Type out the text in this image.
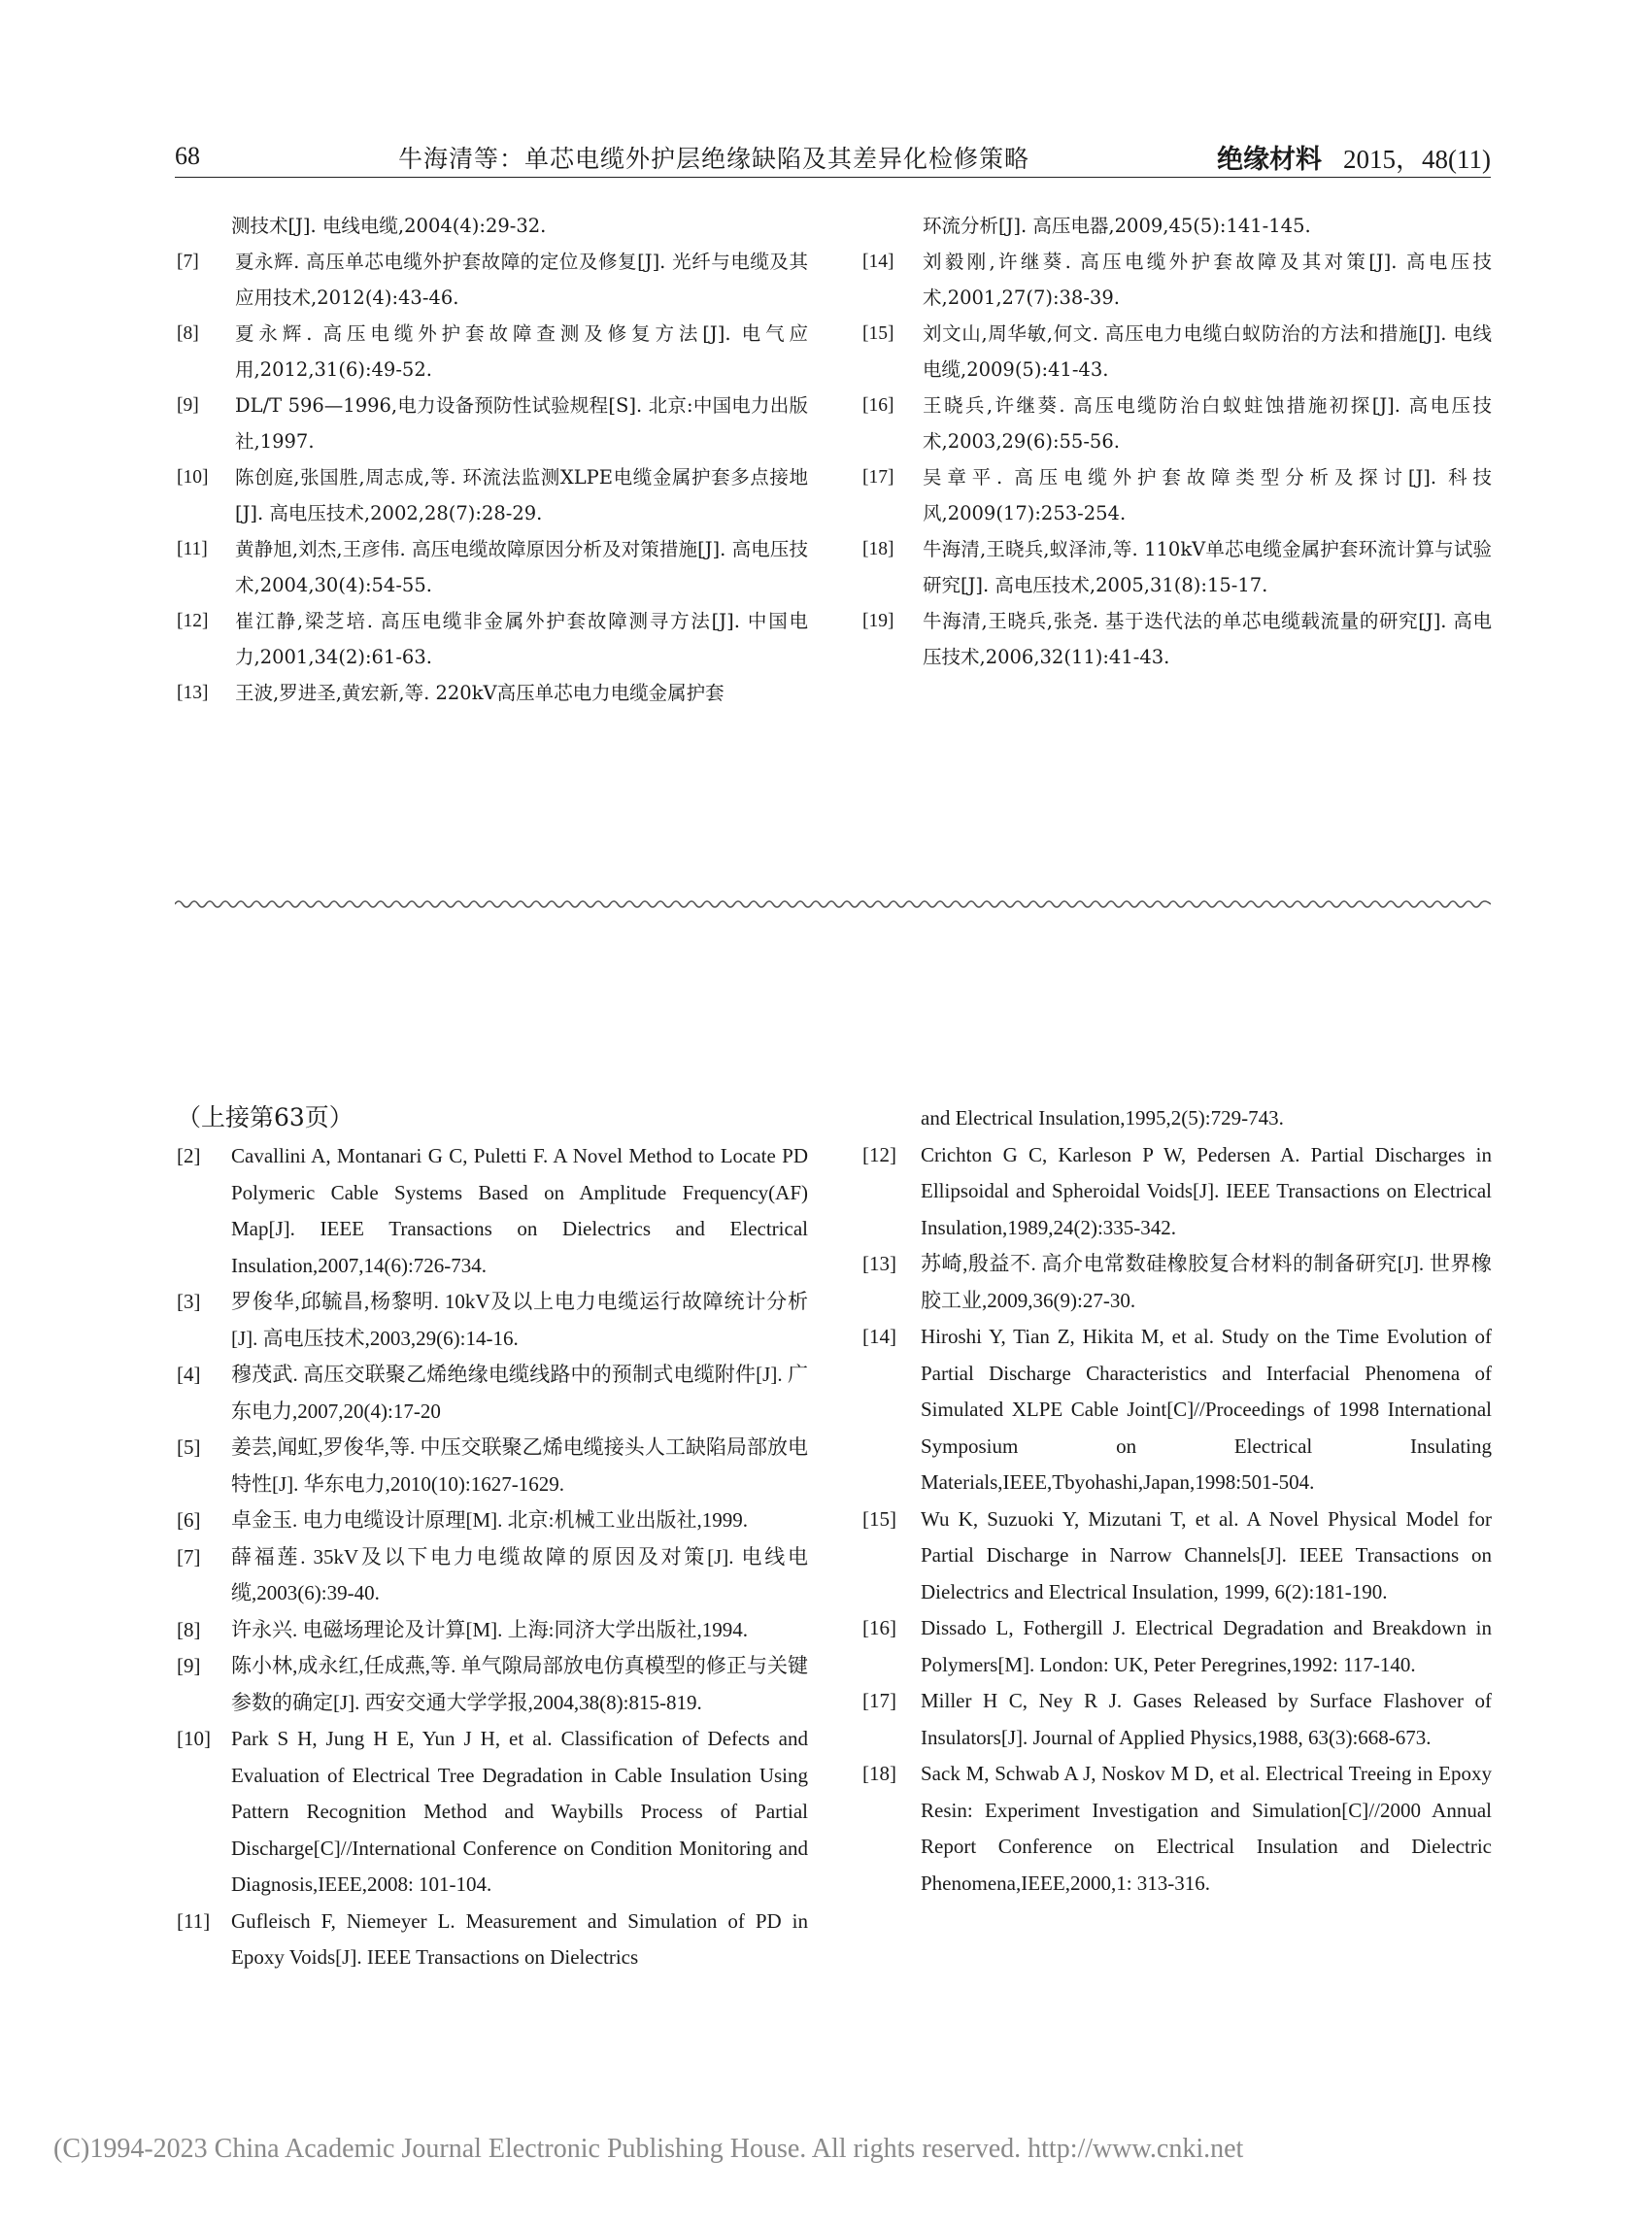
68	牛海清等：单芯电缆外护层绝缘缺陷及其差异化检修策略	绝缘材料 2015，48(11)
测技术[J]. 电线电缆,2004(4):29-32.
[7]	夏永辉. 高压单芯电缆外护套故障的定位及修复[J]. 光纤与电缆及其应用技术,2012(4):43-46.
[8]	夏永辉. 高压电缆外护套故障查测及修复方法[J]. 电气应用,2012,31(6):49-52.
[9]	DL/T 596—1996,电力设备预防性试验规程[S]. 北京:中国电力出版社,1997.
[10]	陈创庭,张国胜,周志成,等. 环流法监测XLPE电缆金属护套多点接地[J]. 高电压技术,2002,28(7):28-29.
[11]	黄静旭,刘杰,王彦伟. 高压电缆故障原因分析及对策措施[J]. 高电压技术,2004,30(4):54-55.
[12]	崔江静,梁芝培. 高压电缆非金属外护套故障测寻方法[J]. 中国电力,2001,34(2):61-63.
[13]	王波,罗进圣,黄宏新,等. 220kV高压单芯电力电缆金属护套
环流分析[J]. 高压电器,2009,45(5):141-145.
[14]	刘毅刚,许继葵. 高压电缆外护套故障及其对策[J]. 高电压技术,2001,27(7):38-39.
[15]	刘文山,周华敏,何文. 高压电力电缆白蚁防治的方法和措施[J]. 电线电缆,2009(5):41-43.
[16]	王晓兵,许继葵. 高压电缆防治白蚁蛀蚀措施初探[J]. 高电压技术,2003,29(6):55-56.
[17]	吴章平. 高压电缆外护套故障类型分析及探讨[J]. 科技风,2009(17):253-254.
[18]	牛海清,王晓兵,蚁泽沛,等. 110kV单芯电缆金属护套环流计算与试验研究[J]. 高电压技术,2005,31(8):15-17.
[19]	牛海清,王晓兵,张尧. 基于迭代法的单芯电缆载流量的研究[J]. 高电压技术,2006,32(11):41-43.
（上接第63页）
[2]	Cavallini A, Montanari G C, Puletti F. A Novel Method to Locate PD Polymeric Cable Systems Based on Amplitude Frequency(AF) Map[J]. IEEE Transactions on Dielectrics and Electrical Insulation,2007,14(6):726-734.
[3]	罗俊华,邱毓昌,杨黎明. 10kV及以上电力电缆运行故障统计分析[J]. 高电压技术,2003,29(6):14-16.
[4]	穆茂武. 高压交联聚乙烯绝缘电缆线路中的预制式电缆附件[J]. 广东电力,2007,20(4):17-20
[5]	姜芸,闻虹,罗俊华,等. 中压交联聚乙烯电缆接头人工缺陷局部放电特性[J]. 华东电力,2010(10):1627-1629.
[6]	卓金玉. 电力电缆设计原理[M]. 北京:机械工业出版社,1999.
[7]	薛福莲. 35kV及以下电力电缆故障的原因及对策[J]. 电线电缆,2003(6):39-40.
[8]	许永兴. 电磁场理论及计算[M]. 上海:同济大学出版社,1994.
[9]	陈小林,成永红,任成燕,等. 单气隙局部放电仿真模型的修正与关键参数的确定[J]. 西安交通大学学报,2004,38(8):815-819.
[10]	Park S H, Jung H E, Yun J H, et al. Classification of Defects and Evaluation of Electrical Tree Degradation in Cable Insulation Using Pattern Recognition Method and Waybills Process of Partial Discharge[C]//International Conference on Condition Monitoring and Diagnosis,IEEE,2008: 101-104.
[11]	Gufleisch F, Niemeyer L. Measurement and Simulation of PD in Epoxy Voids[J]. IEEE Transactions on Dielectrics
and Electrical Insulation,1995,2(5):729-743.
[12]	Crichton G C, Karleson P W, Pedersen A. Partial Discharges in Ellipsoidal and Spheroidal Voids[J]. IEEE Transactions on Electrical Insulation,1989,24(2):335-342.
[13]	苏崎,殷益不. 高介电常数硅橡胶复合材料的制备研究[J]. 世界橡胶工业,2009,36(9):27-30.
[14]	Hiroshi Y, Tian Z, Hikita M, et al. Study on the Time Evolution of Partial Discharge Characteristics and Interfacial Phenomena of Simulated XLPE Cable Joint[C]//Proceedings of 1998 International Symposium on Electrical Insulating Materials,IEEE,Tbyohashi,Japan,1998:501-504.
[15]	Wu K, Suzuoki Y, Mizutani T, et al. A Novel Physical Model for Partial Discharge in Narrow Channels[J]. IEEE Transactions on Dielectrics and Electrical Insulation, 1999, 6(2):181-190.
[16]	Dissado L, Fothergill J. Electrical Degradation and Breakdown in Polymers[M]. London: UK, Peter Peregrines,1992: 117-140.
[17]	Miller H C, Ney R J. Gases Released by Surface Flashover of Insulators[J]. Journal of Applied Physics,1988, 63(3):668-673.
[18]	Sack M, Schwab A J, Noskov M D, et al. Electrical Treeing in Epoxy Resin: Experiment Investigation and Simulation[C]//2000 Annual Report Conference on Electrical Insulation and Dielectric Phenomena,IEEE,2000,1: 313-316.
(C)1994-2023 China Academic Journal Electronic Publishing House. All rights reserved. http://www.cnki.net
